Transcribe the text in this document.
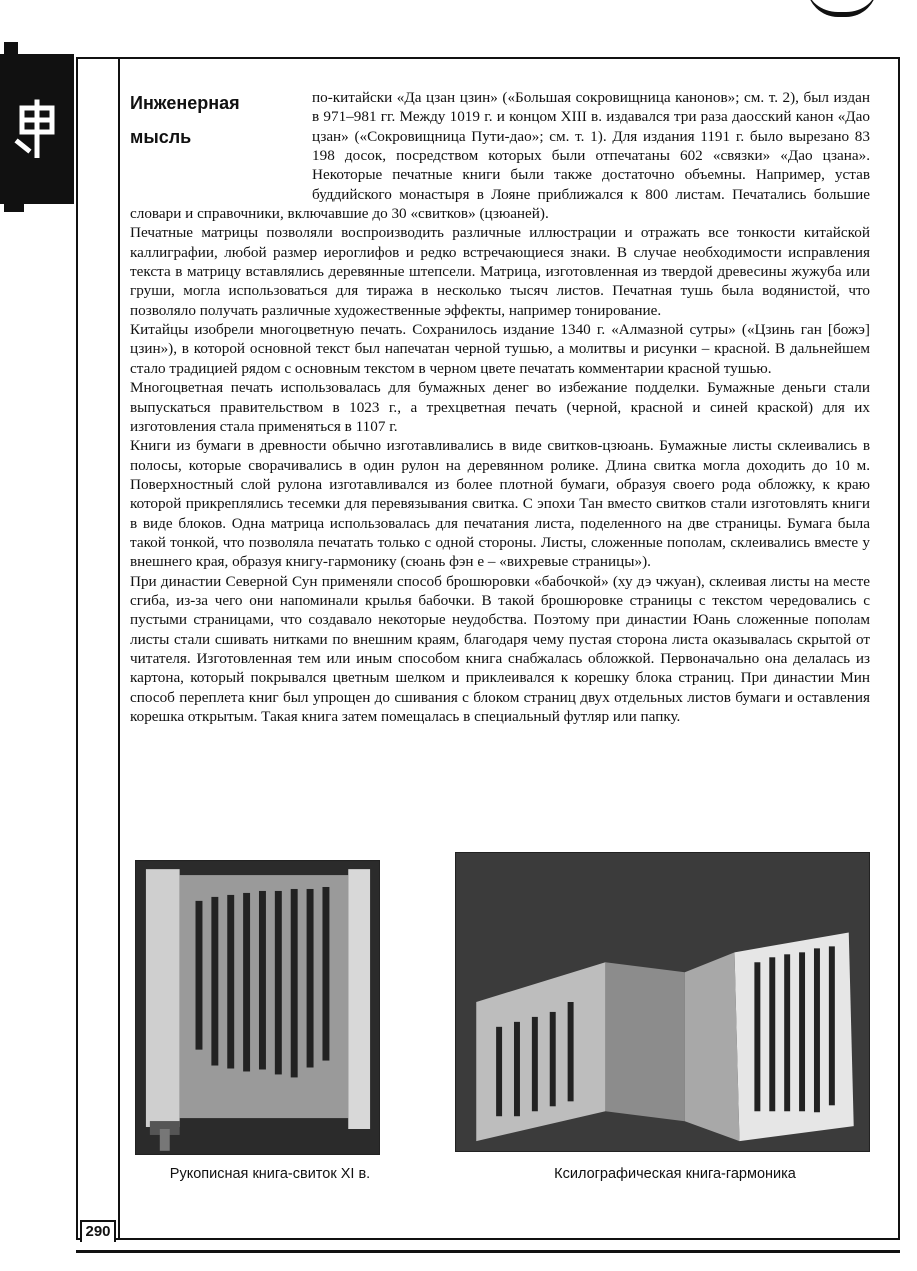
290
Инженерная мысль

по-китайски «Да цзан цзин» («Большая сокровищница канонов»; см. т. 2), был издан в 971–981 гг. Между 1019 г. и концом XIII в. издавался три раза даосский канон «Дао цзан» («Сокровищница Пути-дао»; см. т. 1). Для издания 1191 г. было вырезано 83 198 досок, посредством которых были отпечатаны 602 «связки» «Дао цзана». Некоторые печатные книги были также достаточно объемны. Например, устав буддийского монастыря в Лояне приближался к 800 листам. Печатались большие словари и справочники, включавшие до 30 «свитков» (цзюаней).

Печатные матрицы позволяли воспроизводить различные иллюстрации и отражать все тонкости китайской каллиграфии, любой размер иероглифов и редко встречающиеся знаки. В случае необходимости исправления текста в матрицу вставлялись деревянные штепсели. Матрица, изготовленная из твердой древесины жужуба или груши, могла использоваться для тиража в несколько тысяч листов. Печатная тушь была водянистой, что позволяло получать различные художественные эффекты, например тонирование.

Китайцы изобрели многоцветную печать. Сохранилось издание 1340 г. «Алмазной сутры» («Цзинь ган [божэ] цзин»), в которой основной текст был напечатан черной тушью, а молитвы и рисунки – красной. В дальнейшем стало традицией рядом с основным текстом в черном цвете печатать комментарии красной тушью.

Многоцветная печать использовалась для бумажных денег во избежание подделки. Бумажные деньги стали выпускаться правительством в 1023 г., а трехцветная печать (черной, красной и синей краской) для их изготовления стала применяться в 1107 г.

Книги из бумаги в древности обычно изготавливались в виде свитков-цзюань. Бумажные листы склеивались в полосы, которые сворачивались в один рулон на деревянном ролике. Длина свитка могла доходить до 10 м. Поверхностный слой рулона изготавливался из более плотной бумаги, образуя своего рода обложку, к краю которой прикреплялись тесемки для перевязывания свитка. С эпохи Тан вместо свитков стали изготовлять книги в виде блоков. Одна матрица использовалась для печатания листа, поделенного на две страницы. Бумага была такой тонкой, что позволяла печатать только с одной стороны. Листы, сложенные пополам, склеивались вместе у внешнего края, образуя книгу-гармонику (сюань фэн е – «вихревые страницы»).

При династии Северной Сун применяли способ брошюровки «бабочкой» (ху дэ чжуан), склеивая листы на месте сгиба, из-за чего они напоминали крылья бабочки. В такой брошюровке страницы с текстом чередовались с пустыми страницами, что создавало некоторые неудобства. Поэтому при династии Юань сложенные пополам листы стали сшивать нитками по внешним краям, благодаря чему пустая сторона листа оказывалась скрытой от читателя. Изготовленная тем или иным способом книга снабжалась обложкой. Первоначально она делалась из картона, который покрывался цветным шелком и приклеивался к корешку блока страниц. При династии Мин способ переплета книг был упрощен до сшивания с блоком страниц двух отдельных листов бумаги и оставления корешка открытым. Такая книга затем помещалась в специальный футляр или папку.

Рукописная книга-свиток XI в.	Ксилографическая книга-гармоника
